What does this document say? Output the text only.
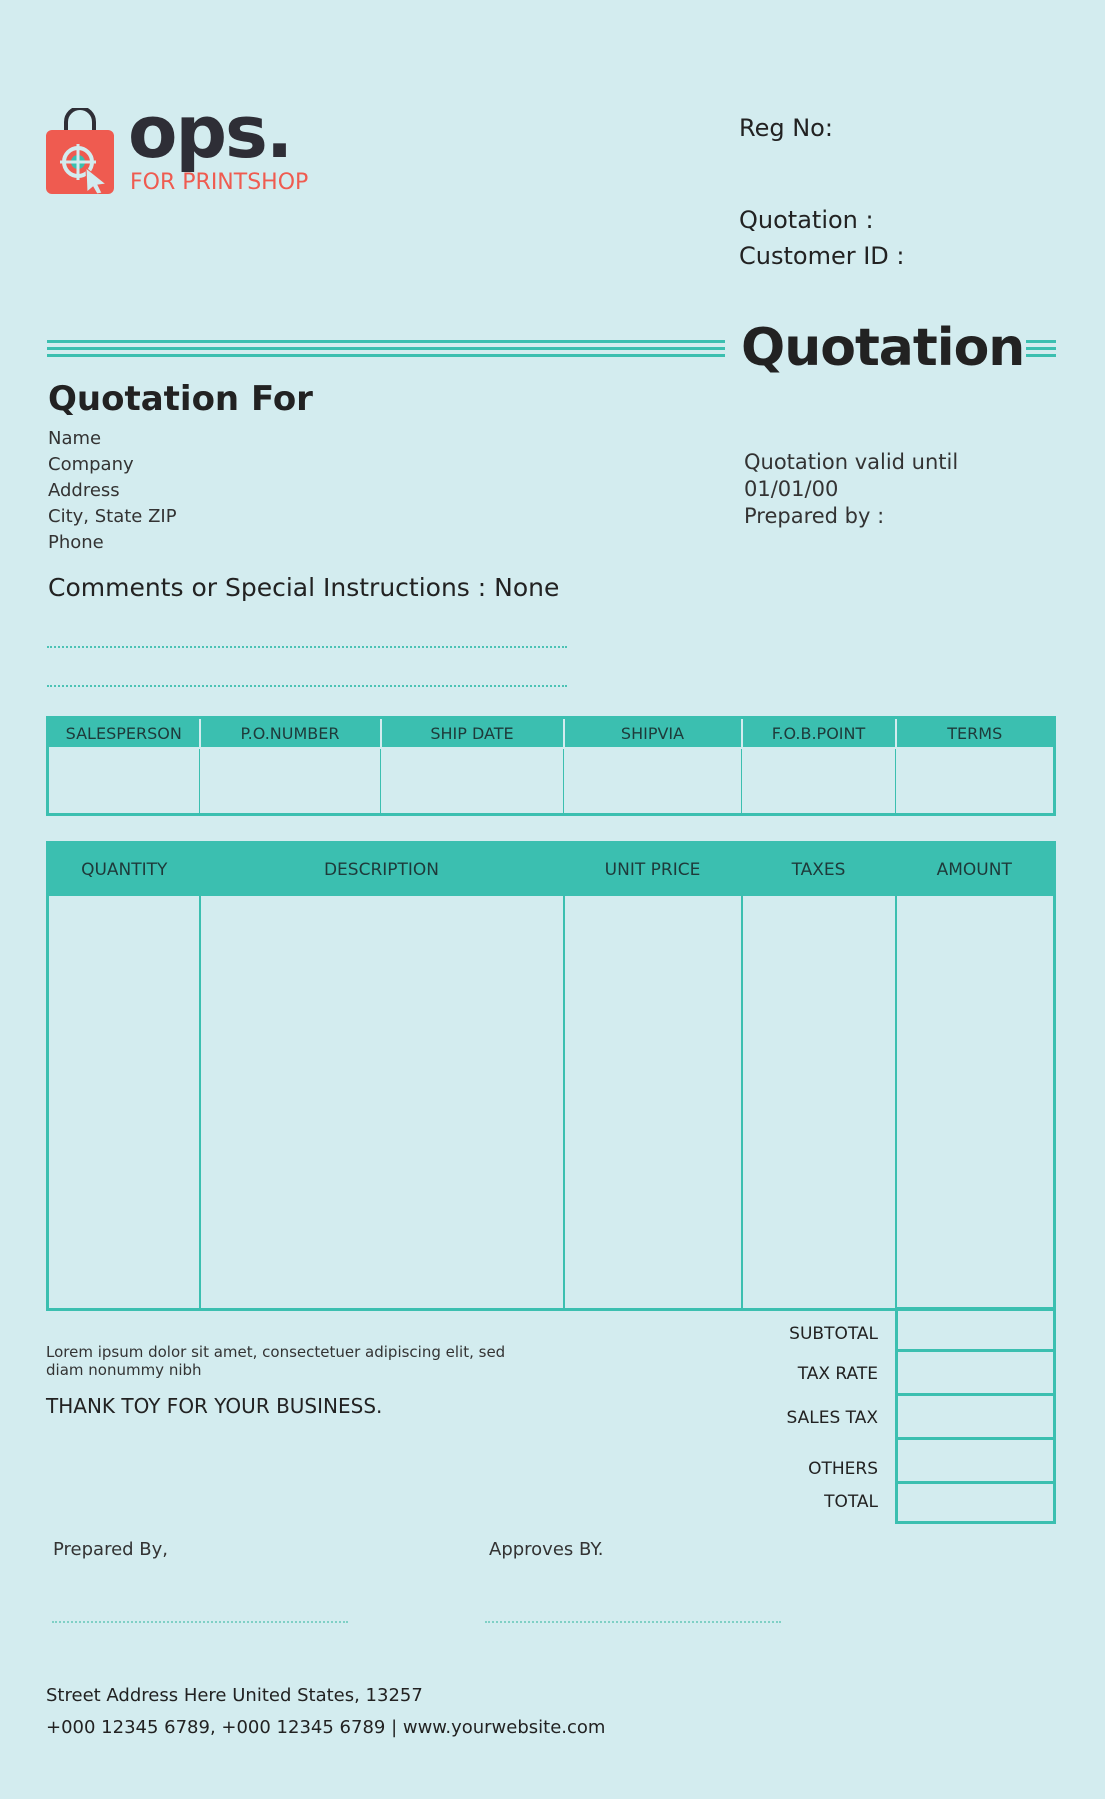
ops.
FOR PRINTSHOP
Reg No:
Quotation :
Customer ID :
Quotation
Quotation For
Name
Company
Address
City, State ZIP
Phone
Quotation valid until
01/01/00
Prepared by :
Comments or Special Instructions : None
SALESPERSON	P.O.NUMBER	SHIP DATE	SHIPVIA	F.O.B.POINT	TERMS

QUANTITY	DESCRIPTION	UNIT PRICE	TAXES	AMOUNT

SUBTOTAL
TAX RATE
SALES TAX
OTHERS
TOTAL
Lorem ipsum dolor sit amet, consectetuer adipiscing elit, sed diam nonummy nibh
THANK TOY FOR YOUR BUSINESS.
Prepared By,	Approves BY.
Street Address Here United States, 13257
+000 12345 6789, +000 12345 6789 | www.yourwebsite.com
